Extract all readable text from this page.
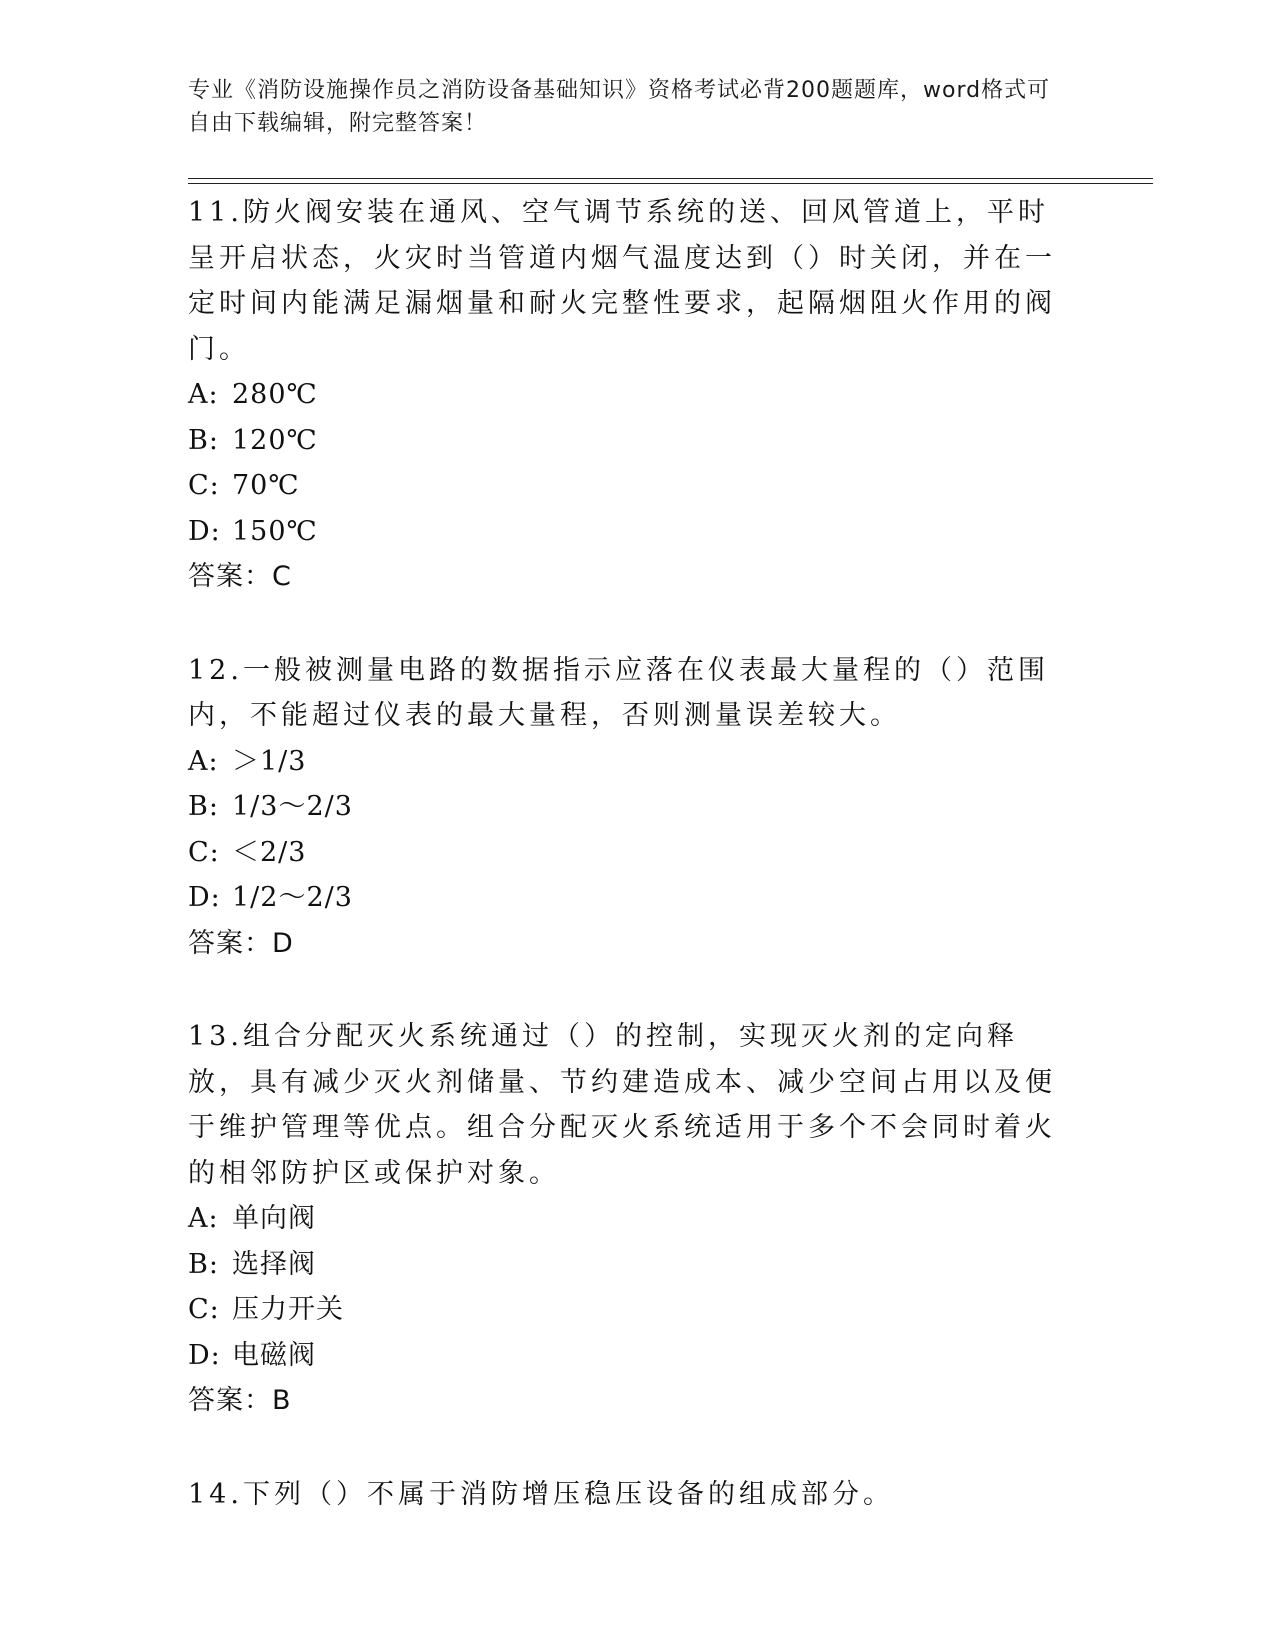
专业《消防设施操作员之消防设备基础知识》资格考试必背200题题库，word格式可自由下载编辑，附完整答案！

11.防火阀安装在通风、空气调节系统的送、回风管道上，平时呈开启状态，火灾时当管道内烟气温度达到（）时关闭，并在一定时间内能满足漏烟量和耐火完整性要求，起隔烟阻火作用的阀门。

A: 280℃

B: 120℃

C: 70℃

D: 150℃

答案：C

12.一般被测量电路的数据指示应落在仪表最大量程的（）范围内，不能超过仪表的最大量程，否则测量误差较大。

A: ＞1/3

B: 1/3～2/3

C: ＜2/3

D: 1/2～2/3

答案：D

13.组合分配灭火系统通过（）的控制，实现灭火剂的定向释放，具有减少灭火剂储量、节约建造成本、减少空间占用以及便于维护管理等优点。组合分配灭火系统适用于多个不会同时着火的相邻防护区或保护对象。

A: 单向阀

B: 选择阀

C: 压力开关

D: 电磁阀

答案：B

14.下列（）不属于消防增压稳压设备的组成部分。
